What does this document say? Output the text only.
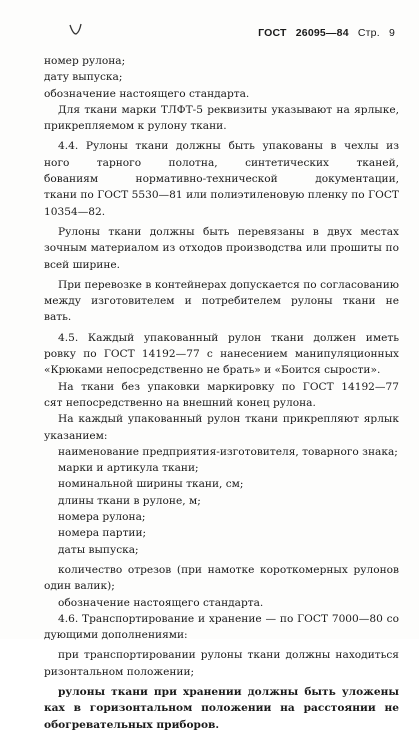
ГОСТ 26095—84 Стр. 9
номер рулона;
дату выпуска;
обозначение настоящего стандарта.
Для ткани марки ТЛФТ-5 реквизиты указывают на ярлыке,
прикрепляемом к рулону ткани.
4.4. Рулоны ткани должны быть упакованы в чехлы из
ного тарного полотна, синтетических тканей,
бованиям нормативно-технической документации,
ткани по ГОСТ 5530—81 или полиэтиленовую пленку по ГОСТ
10354—82.
Рулоны ткани должны быть перевязаны в двух местах
зочным материалом из отходов производства или прошиты по
всей ширине.
При перевозке в контейнерах допускается по согласованию
между изготовителем и потребителем рулоны ткани не
вать.
4.5. Каждый упакованный рулон ткани должен иметь
ровку по ГОСТ 14192—77 с нанесением манипуляционных
«Крюками непосредственно не брать» и «Боится сырости».
На ткани без упаковки маркировку по ГОСТ 14192—77
сят непосредственно на внешний конец рулона.
На каждый упакованный рулон ткани прикрепляют ярлык
указанием:
наименование предприятия-изготовителя, товарного знака;
марки и артикула ткани;
номинальной ширины ткани, см;
длины ткани в рулоне, м;
номера рулона;
номера партии;
даты выпуска;
количество отрезов (при намотке короткомерных рулонов
один валик);
обозначение настоящего стандарта.
4.6. Транспортирование и хранение — по ГОСТ 7000—80 со
дующими дополнениями:
при транспортировании рулоны ткани должны находиться
ризонтальном положении;
рулоны ткани при хранении должны быть уложены
ках в горизонтальном положении на расстоянии не
обогревательных приборов.
